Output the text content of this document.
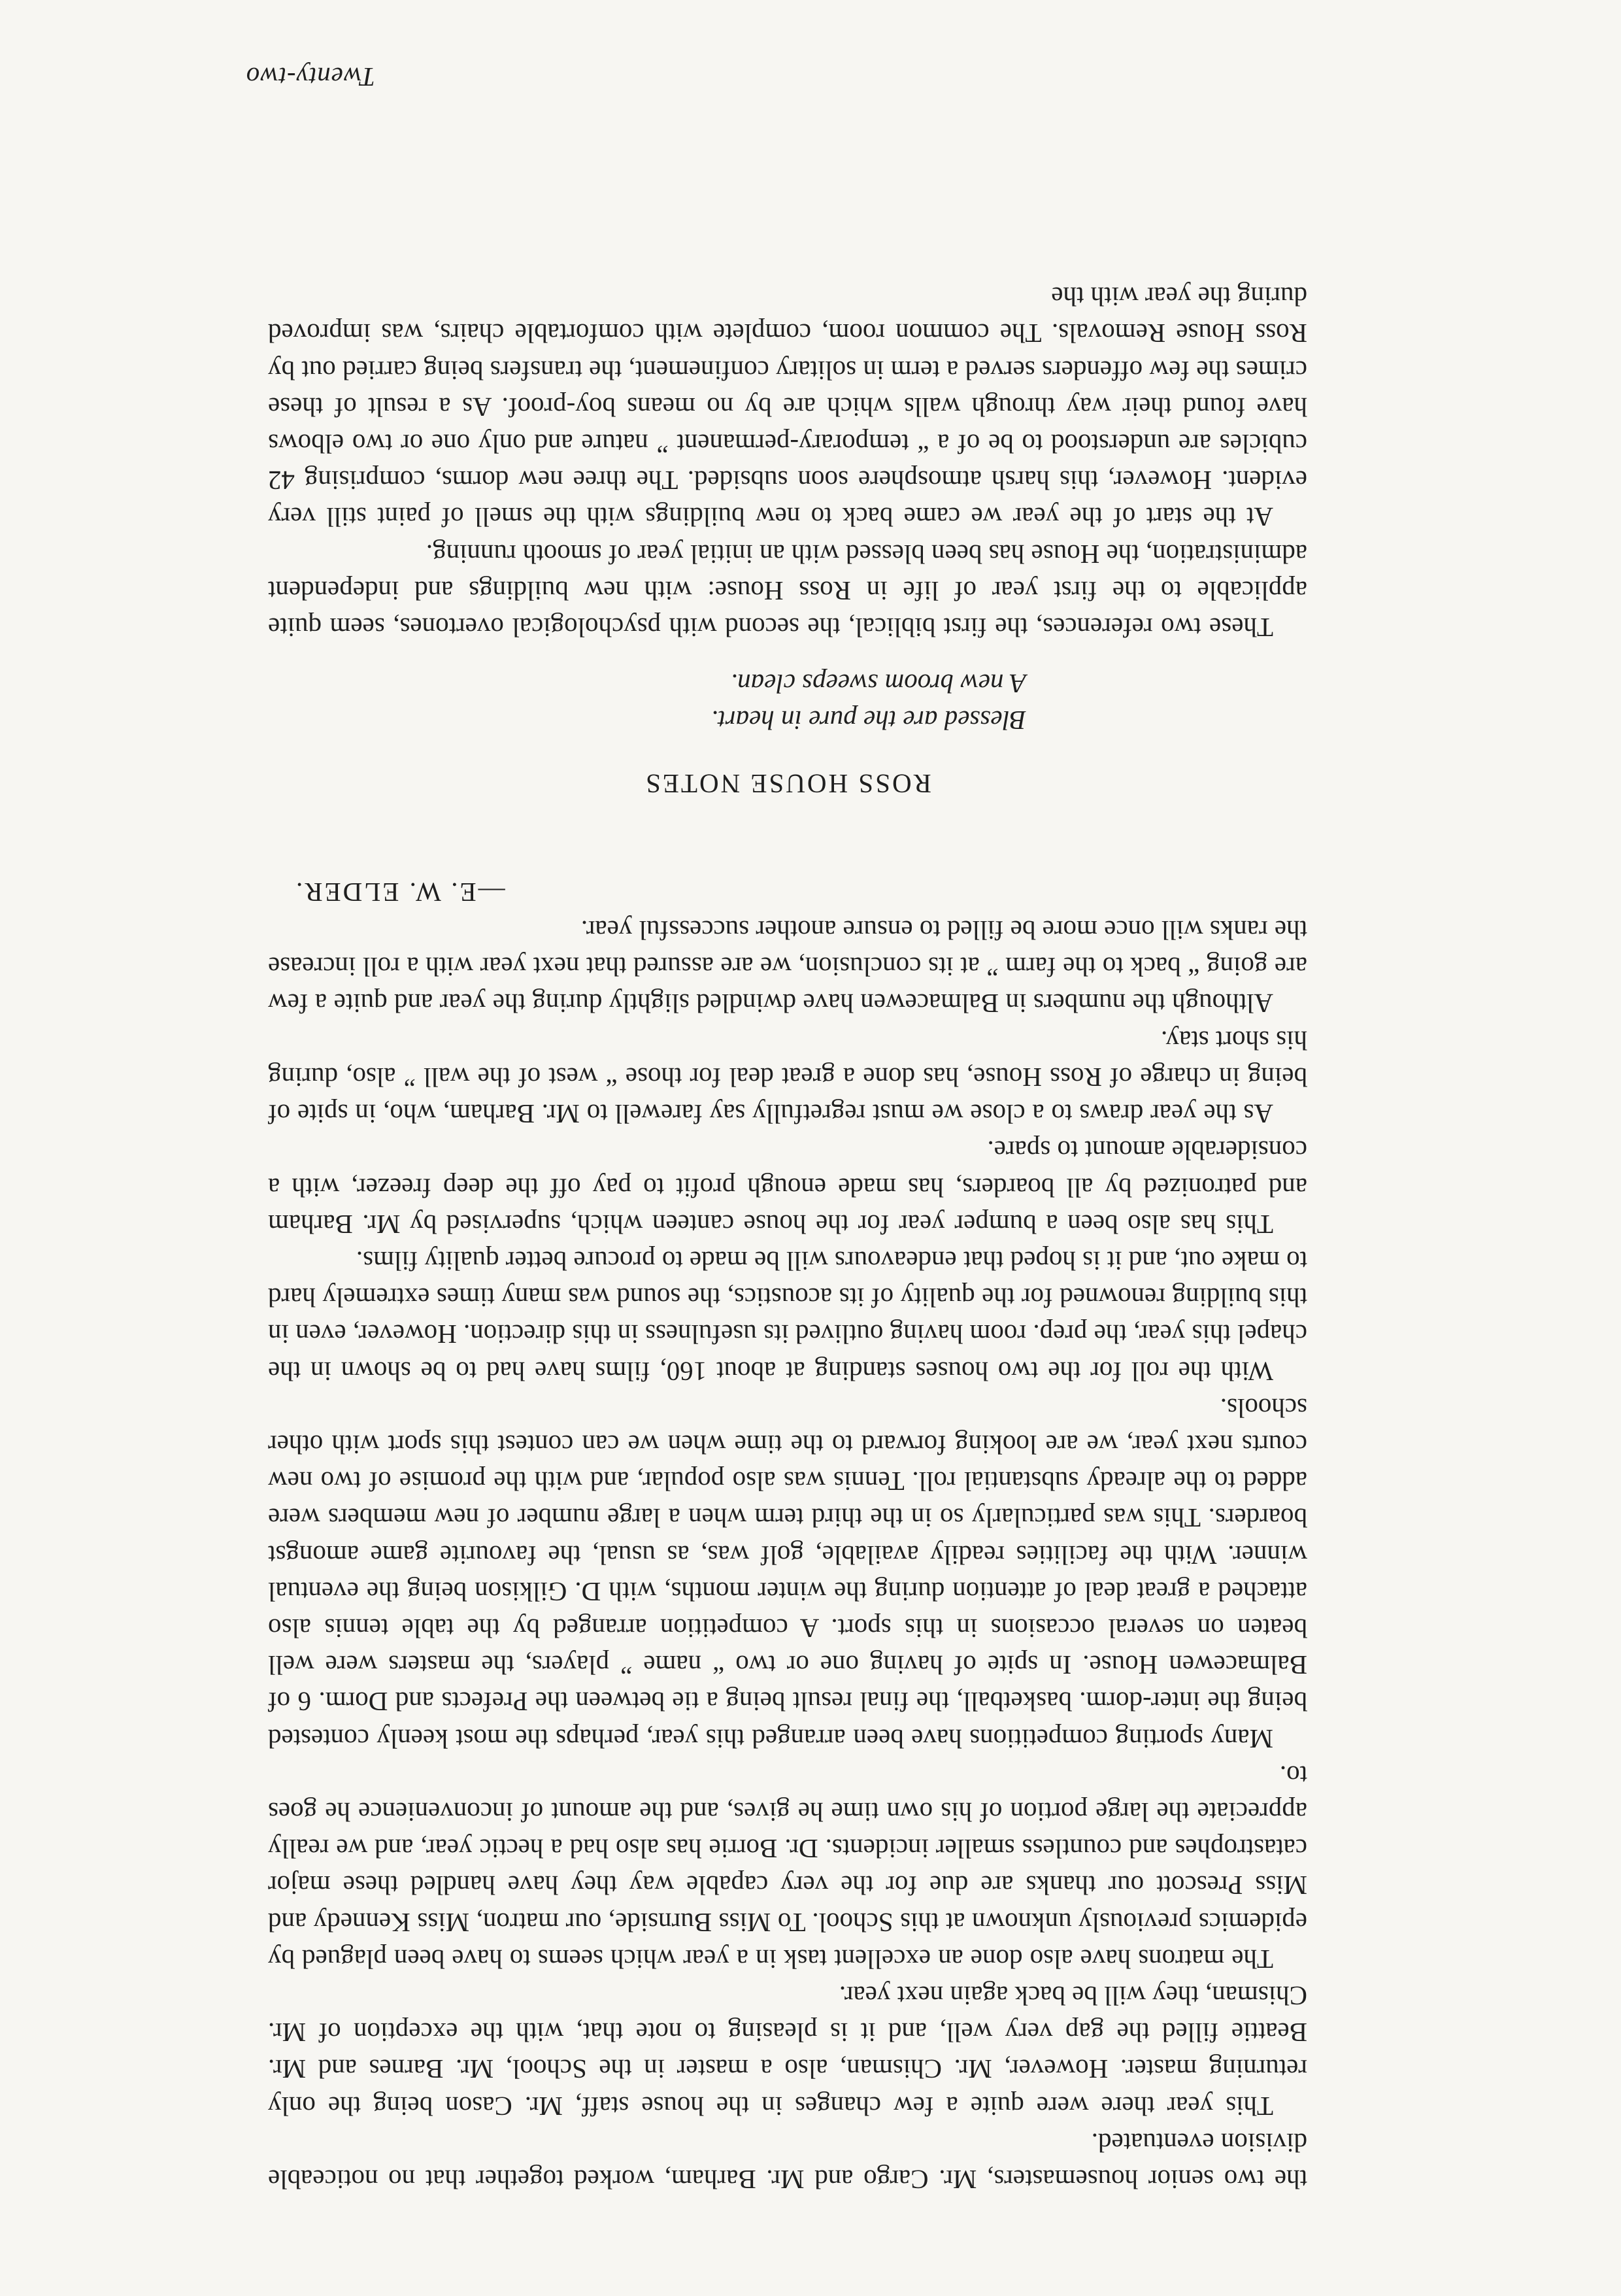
the two senior housemasters, Mr. Cargo and Mr. Barham, worked together that no noticeable division eventuated.

This year there were quite a few changes in the house staff, Mr. Cason being the only returning master. However, Mr. Chisman, also a master in the School, Mr. Barnes and Mr. Beattie filled the gap very well, and it is pleasing to note that, with the exception of Mr. Chisman, they will be back again next year.

The matrons have also done an excellent task in a year which seems to have been plagued by epidemics previously unknown at this School. To Miss Burnside, our matron, Miss Kennedy and Miss Prescott our thanks are due for the very capable way they have handled these major catastrophes and countless smaller incidents. Dr. Borrie has also had a hectic year, and we really appreciate the large portion of his own time he gives, and the amount of inconvenience he goes to.

Many sporting competitions have been arranged this year, perhaps the most keenly contested being the inter-dorm. basketball, the final result being a tie between the Prefects and Dorm. 6 of Balmacewen House. In spite of having one or two “ name ” players, the masters were well beaten on several occasions in this sport. A competition arranged by the table tennis also attached a great deal of attention during the winter months, with D. Gilkison being the eventual winner. With the facilities readily available, golf was, as usual, the favourite game amongst boarders. This was particularly so in the third term when a large number of new members were added to the already substantial roll. Tennis was also popular, and with the promise of two new courts next year, we are looking forward to the time when we can contest this sport with other schools.

With the roll for the two houses standing at about 160, films have had to be shown in the chapel this year, the prep. room having outlived its usefulness in this direction. However, even in this building renowned for the quality of its acoustics, the sound was many times extremely hard to make out, and it is hoped that endeavours will be made to procure better quality films.

This has also been a bumper year for the house canteen which, supervised by Mr. Barham and patronized by all boarders, has made enough profit to pay off the deep freezer, with a considerable amount to spare.

As the year draws to a close we must regretfully say farewell to Mr. Barham, who, in spite of being in charge of Ross House, has done a great deal for those “ west of the wall ” also, during his short stay.

Although the numbers in Balmacewen have dwindled slightly during the year and quite a few are going “ back to the farm ” at its conclusion, we are assured that next year with a roll increase the ranks will once more be filled to ensure another successful year.

—E. W. ELDER.

ROSS HOUSE NOTES

Blessed are the pure in heart.

A new broom sweeps clean.

These two references, the first biblical, the second with psychological overtones, seem quite applicable to the first year of life in Ross House: with new buildings and independent administration, the House has been blessed with an initial year of smooth running.

At the start of the year we came back to new buildings with the smell of paint still very evident. However, this harsh atmosphere soon subsided. The three new dorms, comprising 42 cubicles are understood to be of a “ temporary-permanent ” nature and only one or two elbows have found their way through walls which are by no means boy-proof. As a result of these crimes the few offenders served a term in solitary confinement, the transfers being carried out by Ross House Removals. The common room, complete with comfortable chairs, was improved during the year with the

Twenty-two
